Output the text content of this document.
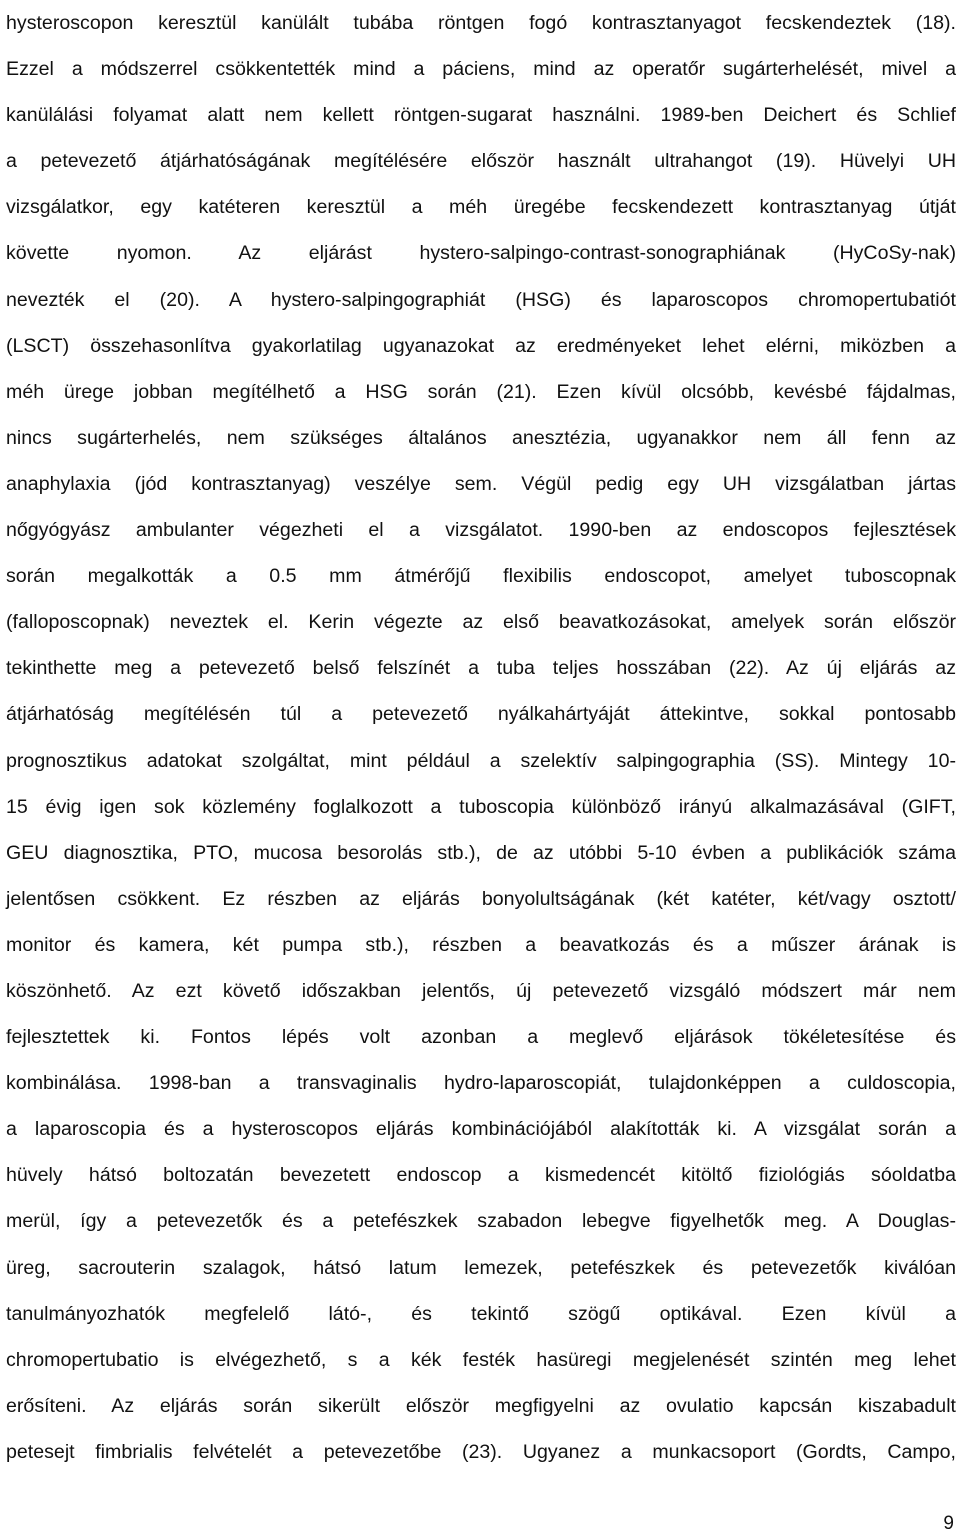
hysteroscopon keresztül kanülált tubába röntgen fogó kontrasztanyagot fecskendeztek (18).
Ezzel a módszerrel csökkentették mind a páciens, mind az operatőr sugárterhelését, mivel a
kanülálási folyamat alatt nem kellett röntgen-sugarat használni. 1989-ben Deichert és Schlief
a petevezető átjárhatóságának megítélésére először használt ultrahangot (19). Hüvelyi UH
vizsgálatkor, egy katéteren keresztül a méh üregébe fecskendezett kontrasztanyag útját
követte nyomon. Az eljárást hystero-salpingo-contrast-sonographiának (HyCoSy-nak)
nevezték el (20). A hystero-salpingographiát (HSG) és laparoscopos chromopertubatiót
(LSCT) összehasonlítva gyakorlatilag ugyanazokat az eredményeket lehet elérni, miközben a
méh ürege jobban megítélhető a HSG során (21). Ezen kívül olcsóbb, kevésbé fájdalmas,
nincs sugárterhelés, nem szükséges általános anesztézia, ugyanakkor nem áll fenn az
anaphylaxia (jód kontrasztanyag) veszélye sem. Végül pedig egy UH vizsgálatban jártas
nőgyógyász ambulanter végezheti el a vizsgálatot. 1990-ben az endoscopos fejlesztések
során megalkották a 0.5 mm átmérőjű flexibilis endoscopot, amelyet tuboscopnak
(falloposcopnak) neveztek el. Kerin végezte az első beavatkozásokat, amelyek során először
tekinthette meg a petevezető belső felszínét a tuba teljes hosszában (22). Az új eljárás az
átjárhatóság megítélésén túl a petevezető nyálkahártyáját áttekintve, sokkal pontosabb
prognosztikus adatokat szolgáltat, mint például a szelektív salpingographia (SS). Mintegy 10-
15 évig igen sok közlemény foglalkozott a tuboscopia különböző irányú alkalmazásával (GIFT,
GEU diagnosztika, PTO, mucosa besorolás stb.), de az utóbbi 5-10 évben a publikációk száma
jelentősen csökkent. Ez részben az eljárás bonyolultságának (két katéter, két/vagy osztott/
monitor és kamera, két pumpa stb.), részben a beavatkozás és a műszer árának is
köszönhető. Az ezt követő időszakban jelentős, új petevezető vizsgáló módszert már nem
fejlesztettek ki. Fontos lépés volt azonban a meglevő eljárások tökéletesítése és
kombinálása. 1998-ban a transvaginalis hydro-laparoscopiát, tulajdonképpen a culdoscopia,
a laparoscopia és a hysteroscopos eljárás kombinációjából alakították ki. A vizsgálat során a
hüvely hátsó boltozatán bevezetett endoscop a kismedencét kitöltő fiziológiás sóoldatba
merül, így a petevezetők és a petefészkek szabadon lebegve figyelhetők meg. A Douglas-
üreg, sacrouterin szalagok, hátsó latum lemezek, petefészkek és petevezetők kiválóan
tanulmányozhatók megfelelő látó-, és tekintő szögű optikával. Ezen kívül a
chromopertubatio is elvégezhető, s a kék festék hasüregi megjelenését szintén meg lehet
erősíteni. Az eljárás során sikerült először megfigyelni az ovulatio kapcsán kiszabadult
petesejt fimbrialis felvételét a petevezetőbe (23). Ugyanez a munkacsoport (Gordts, Campo,
9
